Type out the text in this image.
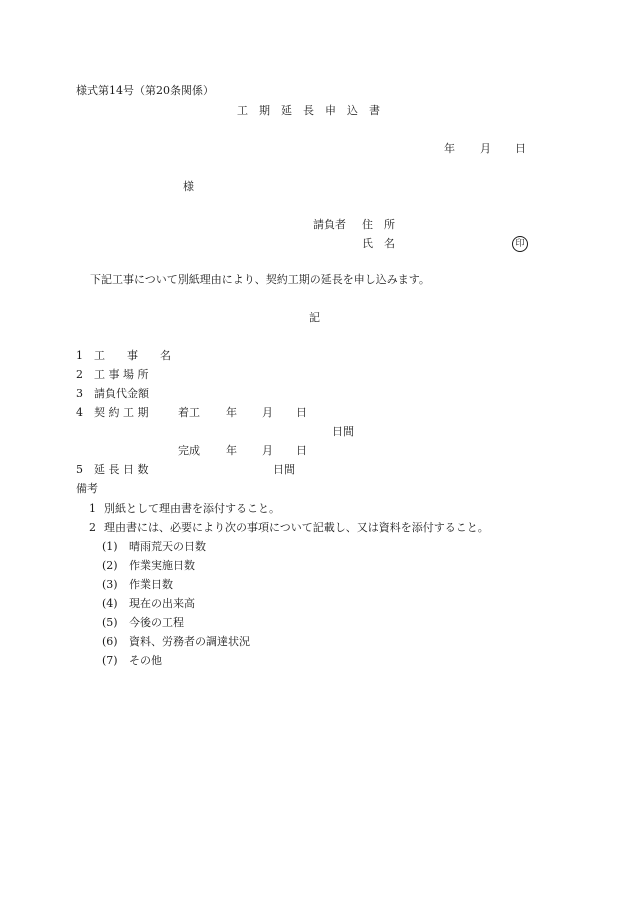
様式第14号（第20条関係）
工　期　延　長　申　込　書
年 月 日
様
請負者 住　所
氏　名	印
下記工事について別紙理由により、契約工期の延長を申し込みます。
記
1 工　　事　　名
2 工 事 場 所
3 請負代金額
4 契 約 工 期	着工 年 月 日
日間
完成 年 月 日
5 延 長 日 数	日間
備考
1 別紙として理由書を添付すること。
2 理由書には、必要により次の事項について記載し、又は資料を添付すること。
(1) 晴雨荒天の日数
(2) 作業実施日数
(3) 作業日数
(4) 現在の出来高
(5) 今後の工程
(6) 資料、労務者の調達状況
(7) その他
